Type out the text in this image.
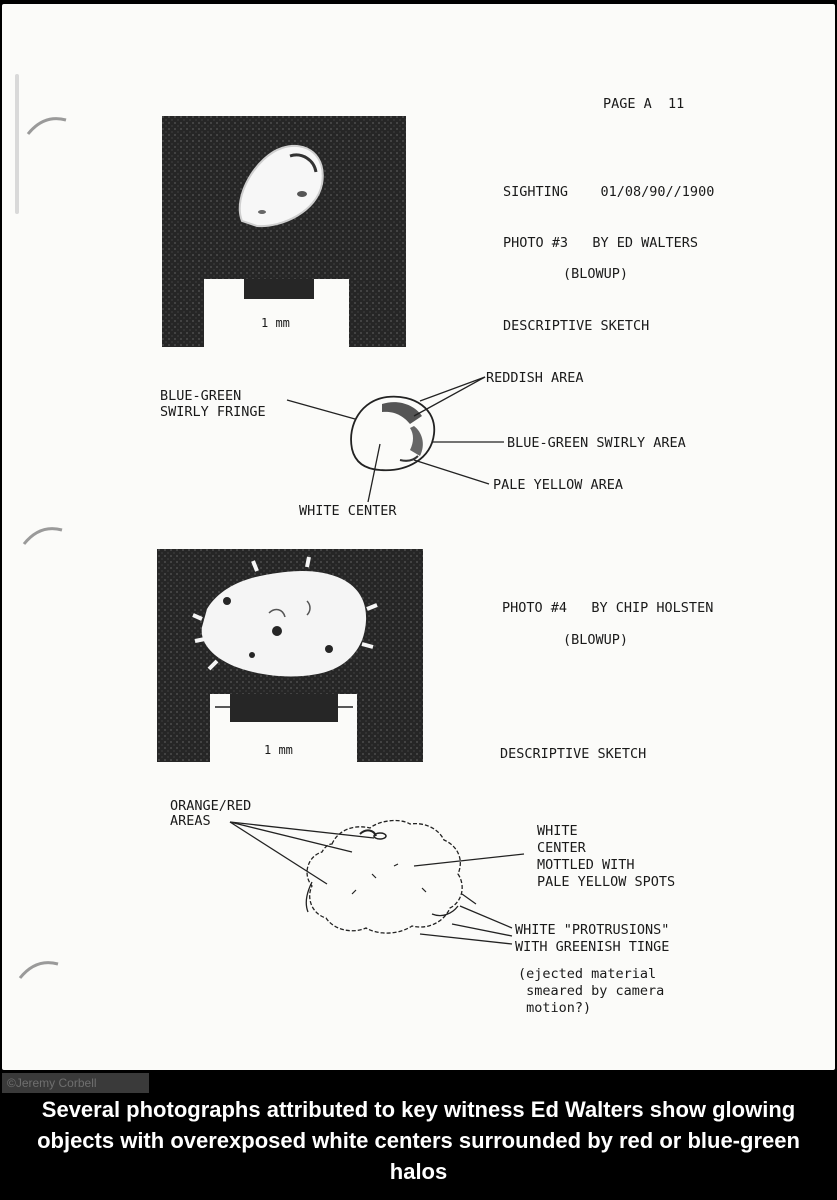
PAGE A  11
SIGHTING    01/08/90//1900
PHOTO #3   BY ED WALTERS
(BLOWUP)
DESCRIPTIVE SKETCH
1 mm
REDDISH AREA
BLUE-GREEN
SWIRLY FRINGE
BLUE-GREEN SWIRLY AREA
PALE YELLOW AREA
WHITE CENTER
1 mm
PHOTO #4   BY CHIP HOLSTEN
(BLOWUP)
DESCRIPTIVE SKETCH
ORANGE/RED
AREAS
WHITE
CENTER
MOTTLED WITH
PALE YELLOW SPOTS
WHITE "PROTRUSIONS"
WITH GREENISH TINGE
(ejected material
smeared by camera
motion?)
©Jeremy Corbell
Several photographs attributed to key witness Ed Walters show glowing objects with overexposed white centers surrounded by red or blue-green halos
